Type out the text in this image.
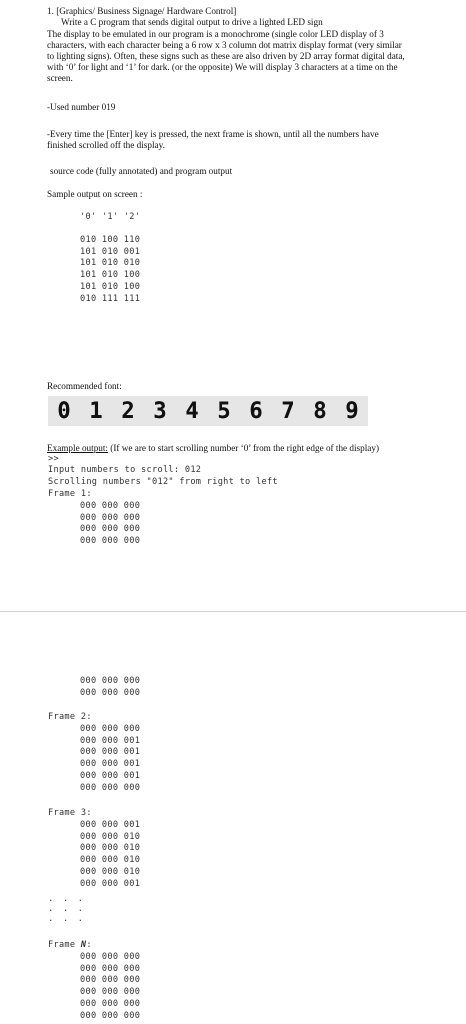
1. [Graphics/ Business Signage/ Hardware Control]
Write a C program that sends digital output to drive a lighted LED sign
The display to be emulated in our program is a monochrome (single color LED display of 3
characters, with each character being a 6 row x 3 column dot matrix display format (very similar
to lighting signs). Often, these signs such as these are also driven by 2D array format digital data,
with ‘0’ for light and ‘1’ for dark. (or the opposite) We will display 3 characters at a time on the
screen.
-Used number 019
-Every time the [Enter] key is pressed, the next frame is shown, until all the numbers have
finished scrolled off the display.
source code (fully annotated) and program output
Sample output on screen :
'0' '1' '2'
010 100 110
101 010 001
101 010 010
101 010 100
101 010 100
010 111 111
Recommended font:
0 1 2 3 4 5 6 7 8 9
Example output: (If we are to start scrolling number ‘0’ from the right edge of the display)
>>
Input numbers to scroll: 012
Scrolling numbers "012" from right to left
Frame 1:
000 000 000
000 000 000
000 000 000
000 000 000
000 000 000
000 000 000
Frame 2:
000 000 000
000 000 001
000 000 001
000 000 001
000 000 001
000 000 000
Frame 3:
000 000 001
000 000 010
000 000 010
000 000 010
000 000 010
000 000 001
. . .
. . .
. . .
Frame N:
000 000 000
000 000 000
000 000 000
000 000 000
000 000 000
000 000 000
